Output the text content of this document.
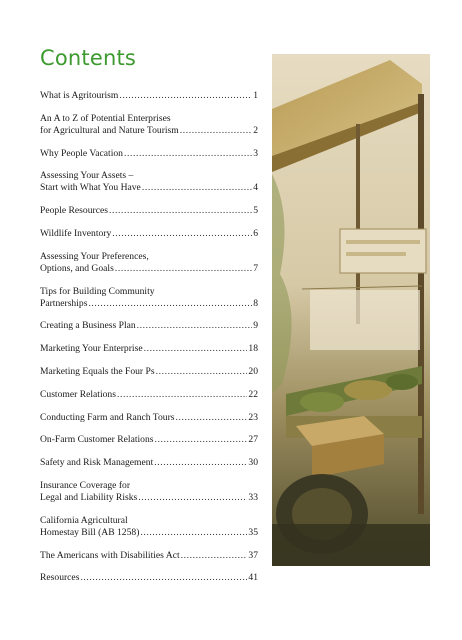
Contents
What is Agritourism .....	1
An A to Z of Potential Enterprises
for Agricultural and Nature Tourism .....	2
Why People Vacation .....	3
Assessing Your Assets –
Start with What You Have .....	4
People Resources .....	5
Wildlife Inventory .....	6
Assessing Your Preferences,
Options, and Goals .....	7
Tips for Building Community
Partnerships .....	8
Creating a Business Plan .....	9
Marketing Your Enterprise .....	18
Marketing Equals the Four Ps .....	20
Customer Relations .....	22
Conducting Farm and Ranch Tours .....	23
On-Farm Customer Relations .....	27
Safety and Risk Management .....	30
Insurance Coverage for
Legal and Liability Risks .....	33
California Agricultural
Homestay Bill (AB 1258) .....	35
The Americans with Disabilities Act .....	37
Resources .....	41
